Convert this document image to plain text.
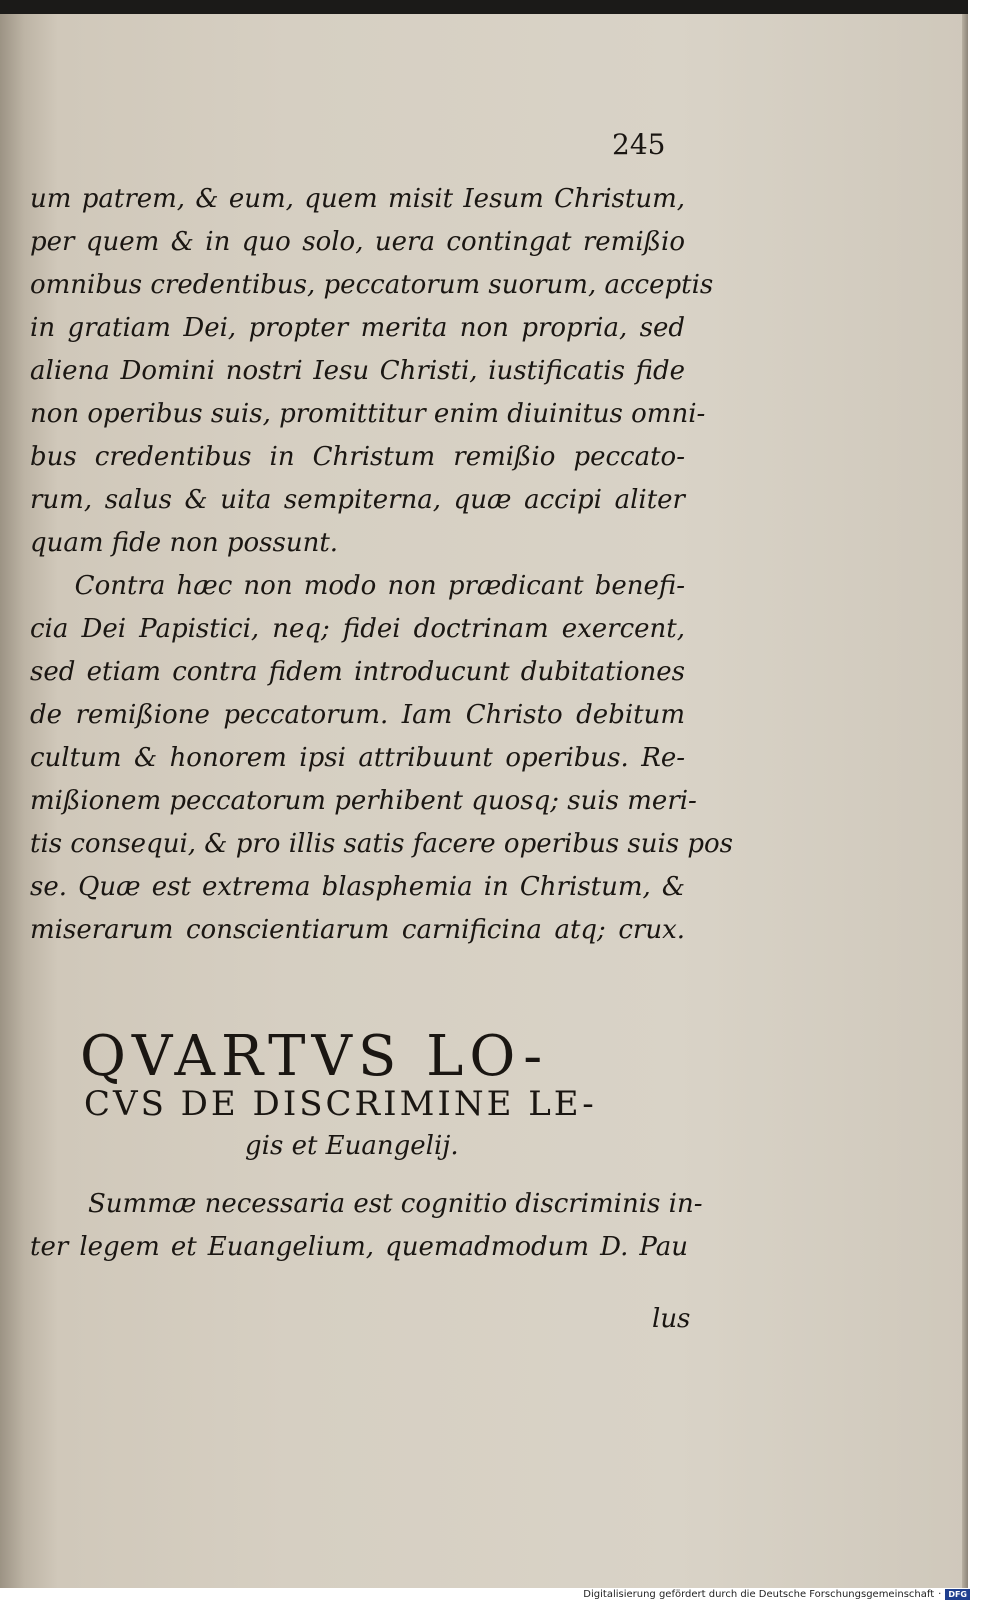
245
um patrem, & eum, quem misit Iesum Christum,
per quem & in quo solo, uera contingat remißio
omnibus credentibus, peccatorum suorum, acceptis
in gratiam Dei, propter merita non propria, sed
aliena Domini nostri Iesu Christi, iustificatis fide
non operibus suis, promittitur enim diuinitus omni-
bus credentibus in Christum remißio peccato-
rum, salus & uita sempiterna, quæ accipi aliter
quam fide non possunt.
Contra hæc non modo non prædicant benefi-
cia Dei Papistici, neq; fidei doctrinam exercent,
sed etiam contra fidem introducunt dubitationes
de remißione peccatorum. Iam Christo debitum
cultum & honorem ipsi attribuunt operibus. Re-
mißionem peccatorum perhibent quosq; suis meri-
tis consequi, & pro illis satis facere operibus suis pos
se. Quæ est extrema blasphemia in Christum, &
miserarum conscientiarum carnificina atq; crux.
QVARTVS LO-
CVS DE DISCRIMINE LE-
gis et Euangelij.
Summæ necessaria est cognitio discriminis in-
ter legem et Euangelium, quemadmodum D. Pau
lus
Digitalisierung gefördert durch die Deutsche Forschungsgemeinschaft · DFG
